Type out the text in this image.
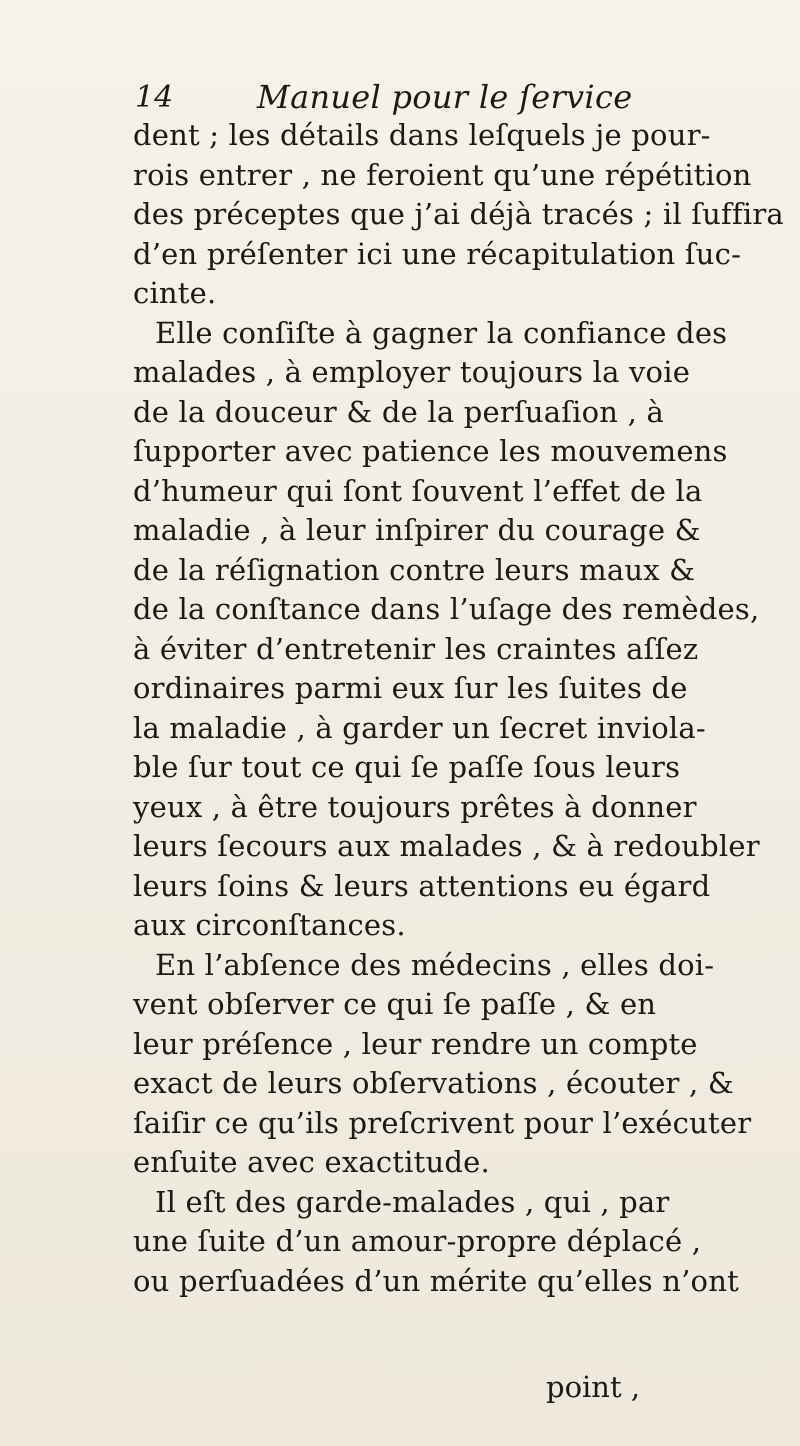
14	Manuel pour le ſervice
dent ; les détails dans leſquels je pour-
rois entrer , ne feroient qu’une répétition
des préceptes que j’ai déjà tracés ; il ſuffira
d’en préſenter ici une récapitulation ſuc-
cinte.
Elle conſiſte à gagner la confiance des
malades , à employer toujours la voie
de la douceur & de la perſuaſion , à
ſupporter avec patience les mouvemens
d’humeur qui ſont ſouvent l’effet de la
maladie , à leur inſpirer du courage &
de la réſignation contre leurs maux &
de la conſtance dans l’uſage des remèdes,
à éviter d’entretenir les craintes aſſez
ordinaires parmi eux ſur les ſuites de
la maladie , à garder un ſecret inviola-
ble ſur tout ce qui ſe paſſe ſous leurs
yeux , à être toujours prêtes à donner
leurs ſecours aux malades , & à redoubler
leurs ſoins & leurs attentions eu égard
aux circonſtances.
En l’abſence des médecins , elles doi-
vent obſerver ce qui ſe paſſe , & en
leur préſence , leur rendre un compte
exact de leurs obſervations , écouter , &
ſaiſir ce qu’ils preſcrivent pour l’exécuter
enſuite avec exactitude.
Il eſt des garde-malades , qui , par
une ſuite d’un amour-propre déplacé ,
ou perſuadées d’un mérite qu’elles n’ont
point ,
